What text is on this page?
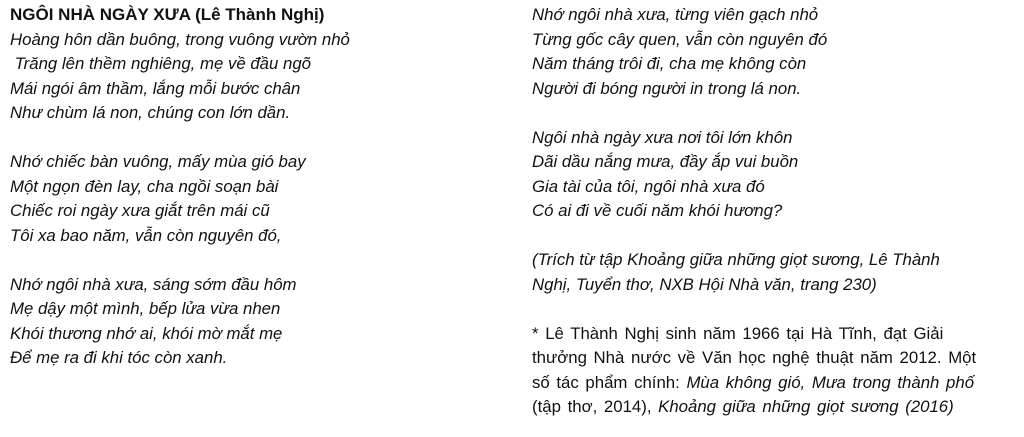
NGÔI NHÀ NGÀY XƯA (Lê Thành Nghị)
Hoàng hôn dần buông, trong vuông vườn nhỏ
Trăng lên thềm nghiêng, mẹ về đầu ngõ
Mái ngói âm thầm, lắng mỗi bước chân
Như chùm lá non, chúng con lớn dần.
Nhớ chiếc bàn vuông, mấy mùa gió bay
Một ngọn đèn lay, cha ngồi soạn bài
Chiếc roi ngày xưa giắt trên mái cũ
Tôi xa bao năm, vẫn còn nguyên đó,
Nhớ ngôi nhà xưa, sáng sớm đầu hôm
Mẹ dậy một mình, bếp lửa vừa nhen
Khói thương nhớ ai, khói mờ mắt mẹ
Để mẹ ra đi khi tóc còn xanh.
Nhớ ngôi nhà xưa, từng viên gạch nhỏ
Từng gốc cây quen, vẫn còn nguyên đó
Năm tháng trôi đi, cha mẹ không còn
Người đi bóng người in trong lá non.
Ngôi nhà ngày xưa nơi tôi lớn khôn
Dãi dầu nắng mưa, đầy ắp vui buồn
Gia tài của tôi, ngôi nhà xưa đó
Có ai đi về cuối năm khói hương?
(Trích từ tập Khoảng giữa những giọt sương, Lê Thành
Nghị, Tuyển thơ, NXB Hội Nhà văn, trang 230)
* Lê Thành Nghị sinh năm 1966 tại Hà Tĩnh, đạt Giải
thưởng Nhà nước về Văn học nghệ thuật năm 2012. Một
số tác phẩm chính: Mùa không gió, Mưa trong thành phố
(tập thơ, 2014), Khoảng giữa những giọt sương (2016)
